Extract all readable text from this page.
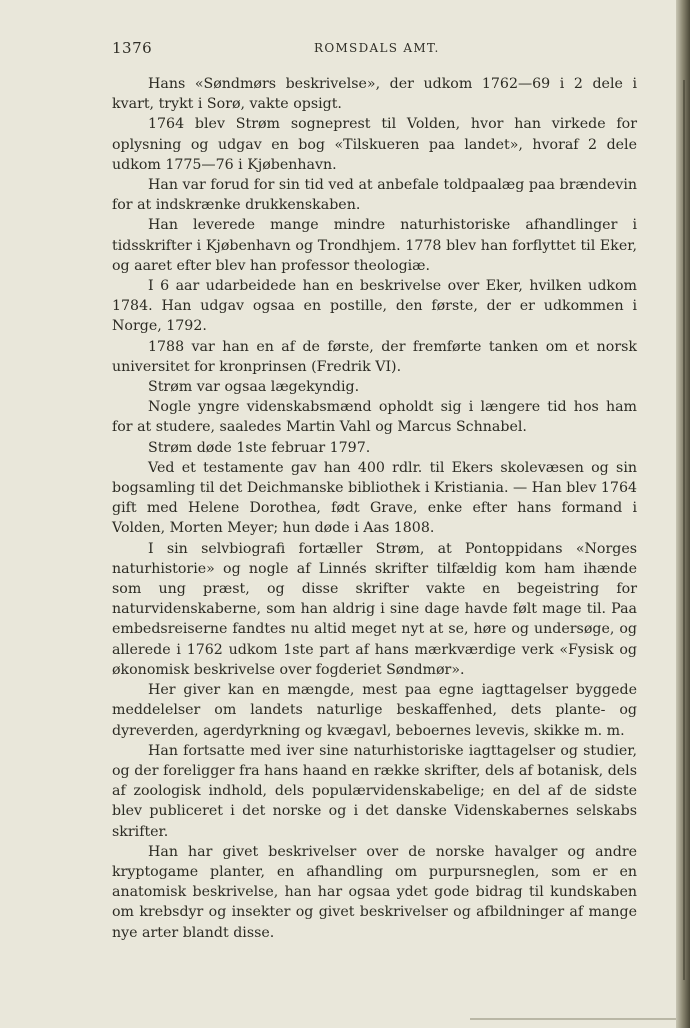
1376	ROMSDALS AMT.

Hans «Søndmørs beskrivelse», der udkom 1762—69 i 2 dele i kvart, trykt i Sorø, vakte opsigt.

1764 blev Strøm sogneprest til Volden, hvor han virkede for oplysning og udgav en bog «Tilskueren paa landet», hvoraf 2 dele udkom 1775—76 i Kjøbenhavn.

Han var forud for sin tid ved at anbefale toldpaalæg paa brændevin for at indskrænke drukkenskaben.

Han leverede mange mindre naturhistoriske afhandlinger i tidsskrifter i Kjøbenhavn og Trondhjem. 1778 blev han forflyttet til Eker, og aaret efter blev han professor theologiæ.

I 6 aar udarbeidede han en beskrivelse over Eker, hvilken udkom 1784. Han udgav ogsaa en postille, den første, der er udkommen i Norge, 1792.

1788 var han en af de første, der fremførte tanken om et norsk universitet for kronprinsen (Fredrik VI).

Strøm var ogsaa lægekyndig.

Nogle yngre videnskabsmænd opholdt sig i længere tid hos ham for at studere, saaledes Martin Vahl og Marcus Schnabel.

Strøm døde 1ste februar 1797.

Ved et testamente gav han 400 rdlr. til Ekers skolevæsen og sin bogsamling til det Deichmanske bibliothek i Kristiania. — Han blev 1764 gift med Helene Dorothea, født Grave, enke efter hans formand i Volden, Morten Meyer; hun døde i Aas 1808.

I sin selvbiografi fortæller Strøm, at Pontoppidans «Norges naturhistorie» og nogle af Linnés skrifter tilfældig kom ham ihænde som ung præst, og disse skrifter vakte en begeistring for naturvidenskaberne, som han aldrig i sine dage havde følt mage til. Paa embedsreiserne fandtes nu altid meget nyt at se, høre og undersøge, og allerede i 1762 udkom 1ste part af hans mærkværdige verk «Fysisk og økonomisk beskrivelse over fogderiet Søndmør».

Her giver kan en mængde, mest paa egne iagttagelser byggede meddelelser om landets naturlige beskaffenhed, dets plante- og dyreverden, agerdyrkning og kvægavl, beboernes levevis, skikke m. m.

Han fortsatte med iver sine naturhistoriske iagttagelser og studier, og der foreligger fra hans haand en række skrifter, dels af botanisk, dels af zoologisk indhold, dels populærvidenskabelige; en del af de sidste blev publiceret i det norske og i det danske Videnskabernes selskabs skrifter.

Han har givet beskrivelser over de norske havalger og andre kryptogame planter, en afhandling om purpursneglen, som er en anatomisk beskrivelse, han har ogsaa ydet gode bidrag til kundskaben om krebsdyr og insekter og givet beskrivelser og afbildninger af mange nye arter blandt disse.
